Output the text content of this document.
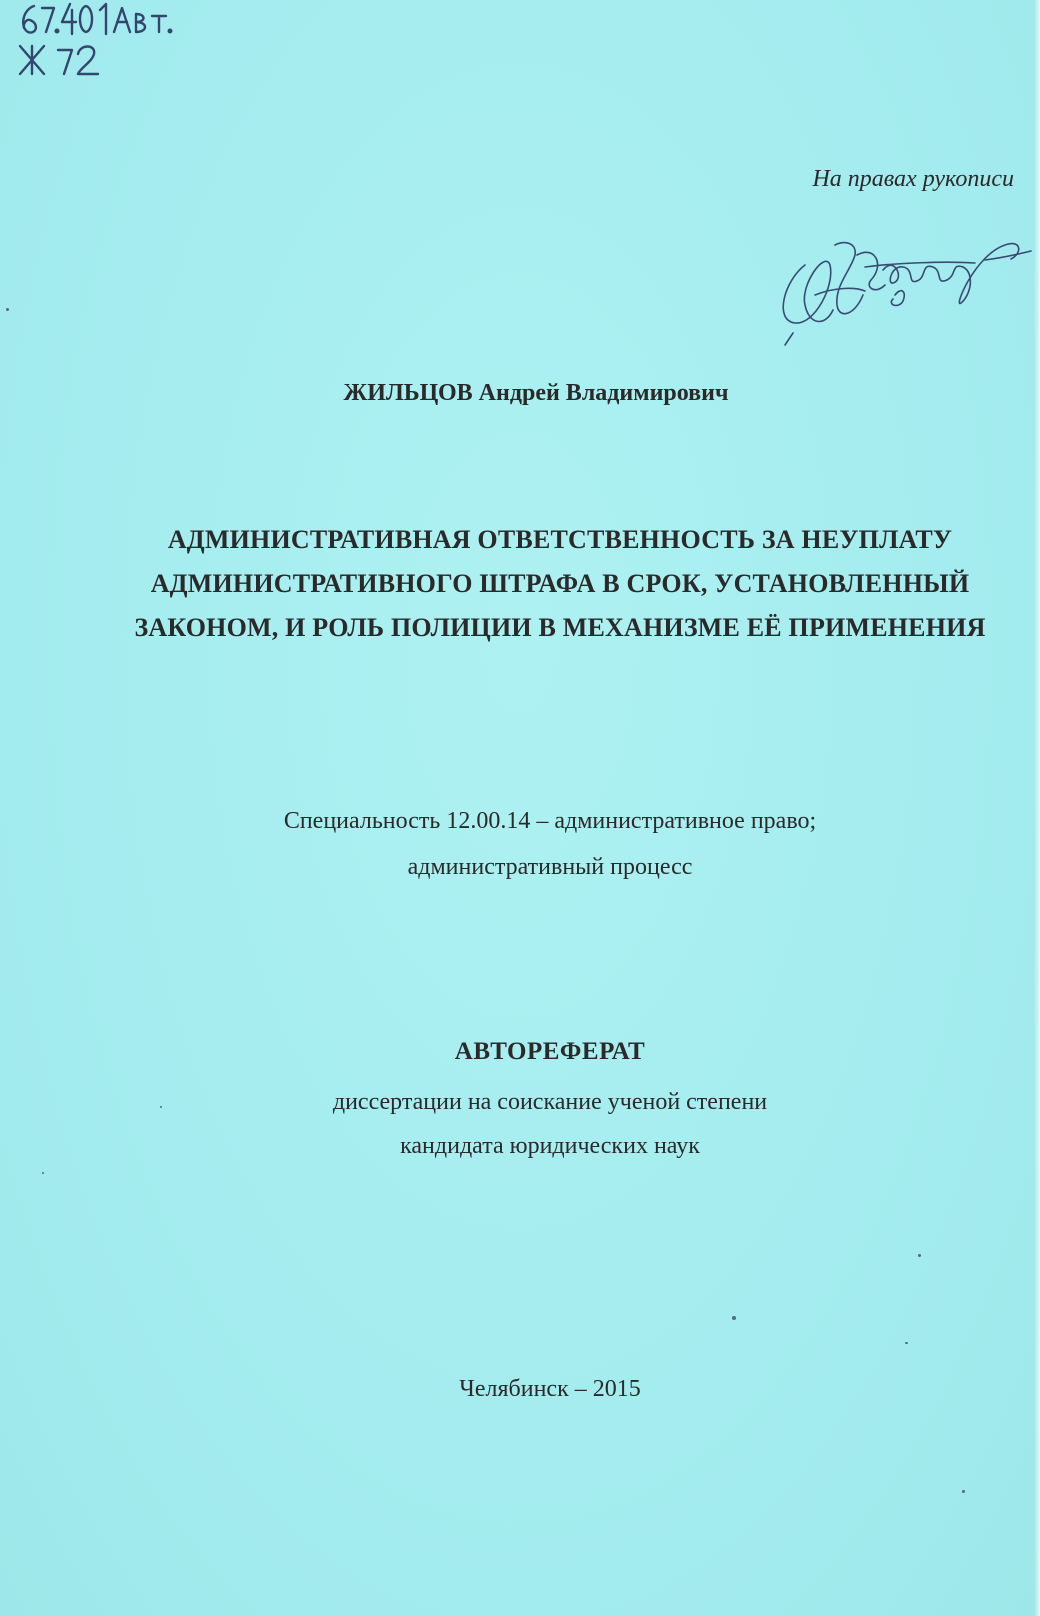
На правах рукописи
ЖИЛЬЦОВ Андрей Владимирович
АДМИНИСТРАТИВНАЯ ОТВЕТСТВЕННОСТЬ ЗА НЕУПЛАТУ
АДМИНИСТРАТИВНОГО ШТРАФА В СРОК, УСТАНОВЛЕННЫЙ
ЗАКОНОМ, И РОЛЬ ПОЛИЦИИ В МЕХАНИЗМЕ ЕЁ ПРИМЕНЕНИЯ
Специальность 12.00.14 – административное право;
административный процесс
АВТОРЕФЕРАТ
диссертации на соискание ученой степени
кандидата юридических наук
Челябинск – 2015
